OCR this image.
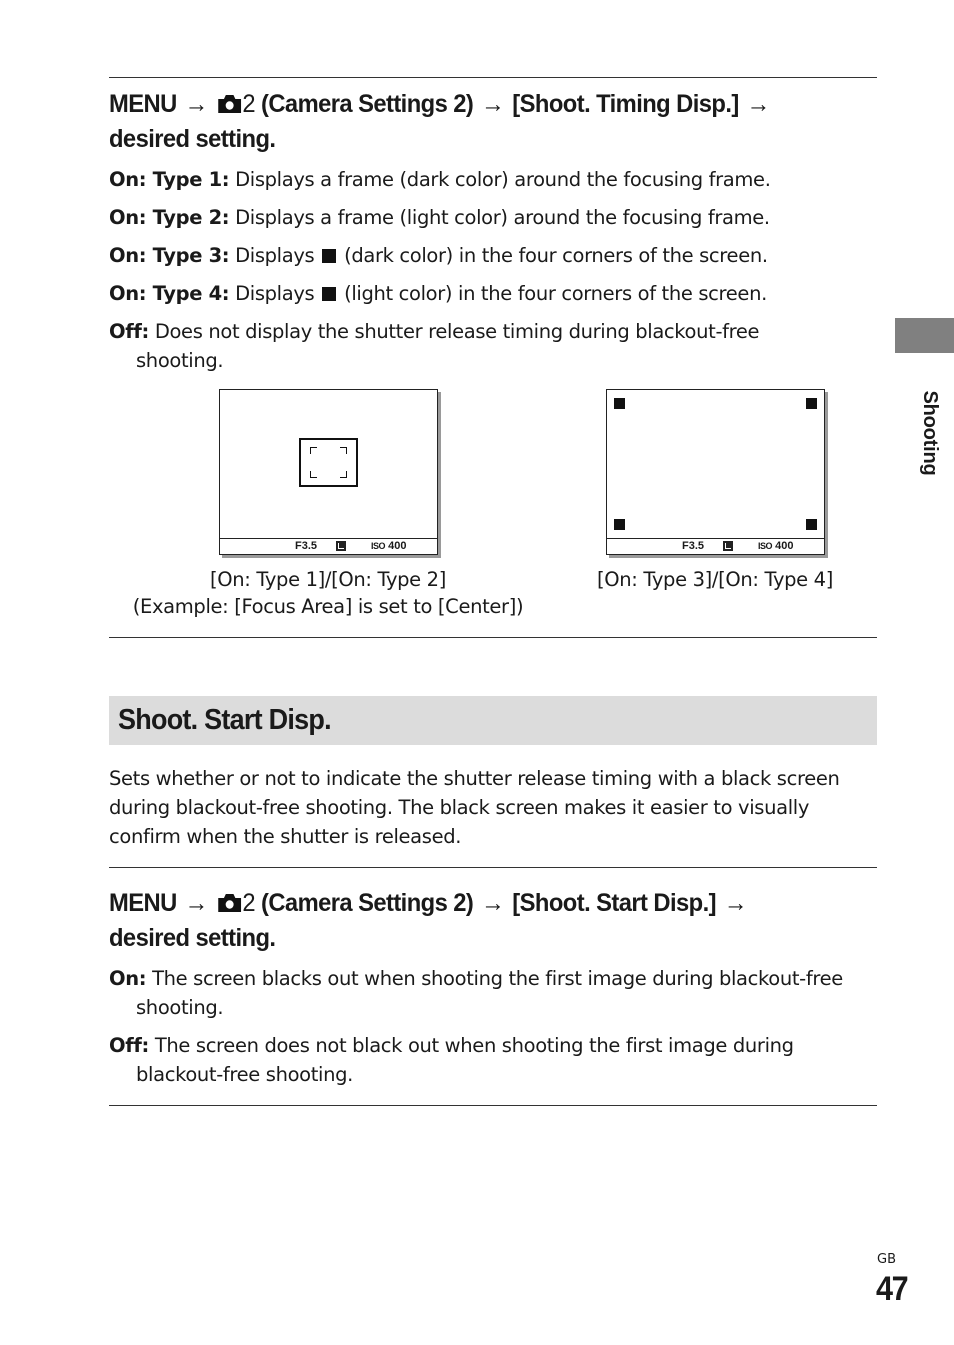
MENU → 2 (Camera Settings 2) → [Shoot. Timing Disp.] →
desired setting.
On: Type 1: Displays a frame (dark color) around the focusing frame.
On: Type 2: Displays a frame (light color) around the focusing frame.
On: Type 3: Displays (dark color) in the four corners of the screen.
On: Type 4: Displays (light color) in the four corners of the screen.
Off: Does not display the shutter release timing during blackout-free shooting.
F3.5	ISO 400
[On: Type 1]/[On: Type 2]
(Example: [Focus Area] is set to [Center])
F3.5	ISO 400
[On: Type 3]/[On: Type 4]
Shoot. Start Disp.
Sets whether or not to indicate the shutter release timing with a black screen during blackout-free shooting. The black screen makes it easier to visually confirm when the shutter is released.
MENU → 2 (Camera Settings 2) → [Shoot. Start Disp.] →
desired setting.
On: The screen blacks out when shooting the first image during blackout-free shooting.
Off: The screen does not black out when shooting the first image during blackout-free shooting.
Shooting
GB
47
